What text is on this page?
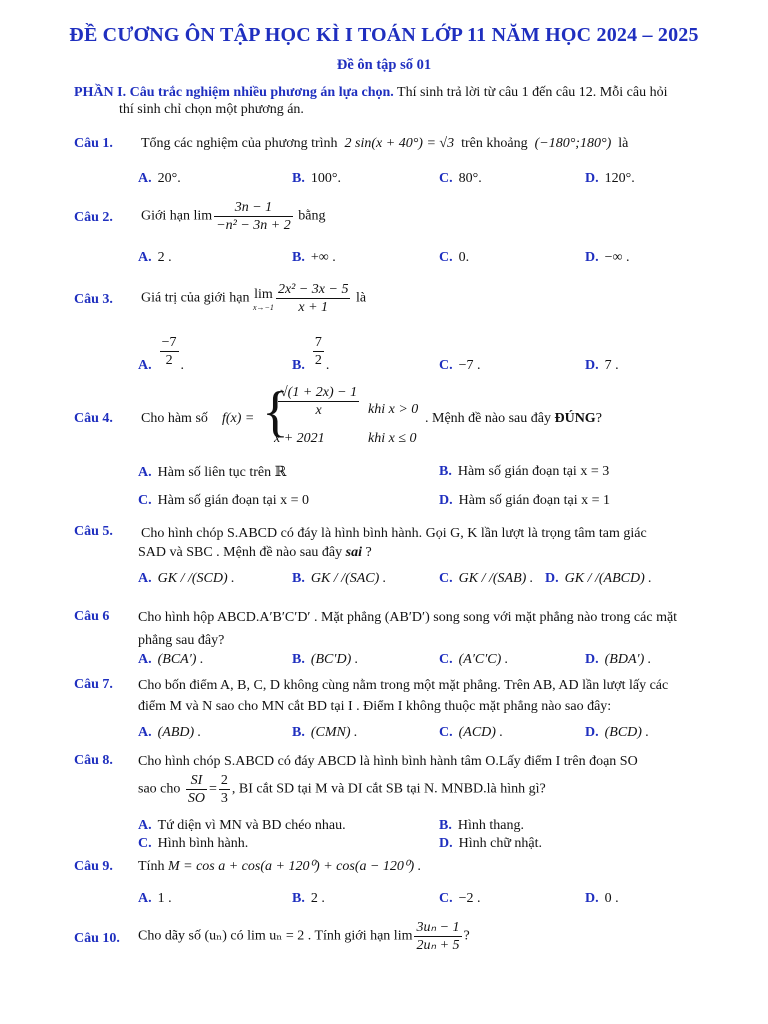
ĐỀ CƯƠNG ÔN TẬP HỌC KÌ I TOÁN LỚP 11 NĂM HỌC 2024 – 2025
Đề ôn tập số 01
PHẦN I. Câu trắc nghiệm nhiều phương án lựa chọn. Thí sinh trả lời từ câu 1 đến câu 12. Mỗi câu hỏi
thí sinh chỉ chọn một phương án.
Câu 1. Tổng các nghiệm của phương trình 2 sin(x + 40°) = √3 trên khoảng (−180°;180°) là
A. 20°.	B. 100°.	C. 80°.	D. 120°.
Câu 2. Giới hạn $\lim \frac{3n - 1}{\text{−n² − 3n + 2}}$ bằng
A. 2 .	B. +∞ .	C. 0.	D. −∞ .
Câu 3. Giá trị của giới hạn lim
$x\to-1 \frac{\text{2x² − 3x − 5}}{x + 1}$ là
A. $\frac{-7}{2}$ .	B. $\frac{7}{2}$ .	C. −7 .	D. 7 .
Câu 4. Cho hàm số f(x) = {
$\frac{√(1 + 2x) - 1}{x}$ khi x > 0
x + 2021	khi x ≤ 0
. Mệnh đề nào sau đây ĐÚNG?
A. Hàm số liên tục trên ℝ	B. Hàm số gián đoạn tại x = 3
C. Hàm số gián đoạn tại x = 0	D. Hàm số gián đoạn tại x = 1
Câu 5. Cho hình chóp S.ABCD có đáy là hình bình hành. Gọi G, K lần lượt là trọng tâm tam giác
SAD và SBC . Mệnh đề nào sau đây sai ?
A. GK / /(SCD) .	B. GK / /(SAC) .	C. GK / /(SAB) . D. GK / /(ABCD) .
Câu 6 Cho hình hộp ABCD.A′B′C′D′ . Mặt phẳng (AB′D′) song song với mặt phẳng nào trong các mặt
phẳng sau đây?
A. (BCA′) .	B. (BC′D) .	C. (A′C′C) .	D. (BDA′) .
Câu 7. Cho bốn điểm A, B, C, D không cùng nằm trong một mặt phẳng. Trên AB, AD lần lượt lấy các
điểm M và N sao cho MN cắt BD tại I . Điểm I không thuộc mặt phẳng nào sao đây:
A. (ABD) .	B. (CMN) .	C. (ACD) .	D. (BCD) .
Câu 8. Cho hình chóp S.ABCD có đáy ABCD là hình bình hành tâm O.Lấy điểm I trên đoạn SO
sao cho $\frac{SI}{SO} = \frac{2}{3}$ , BI cắt SD tại M và DI cắt SB tại N. MNBD.là hình gì?
A. Tứ diện vì MN và BD chéo nhau.	B. Hình thang.
C. Hình bình hành.	D. Hình chữ nhật.
Câu 9. Tính M = cos a + cos(a + 120⁰) + cos(a − 120⁰) .
A. 1 .	B. 2 .	C. −2 .	D. 0 .
Câu 10. Cho dãy số (uₙ) có lim uₙ = 2 . Tính giới hạn $\lim \frac{\text{3uₙ − 1}}{\text{2uₙ + 5}}$ ?
